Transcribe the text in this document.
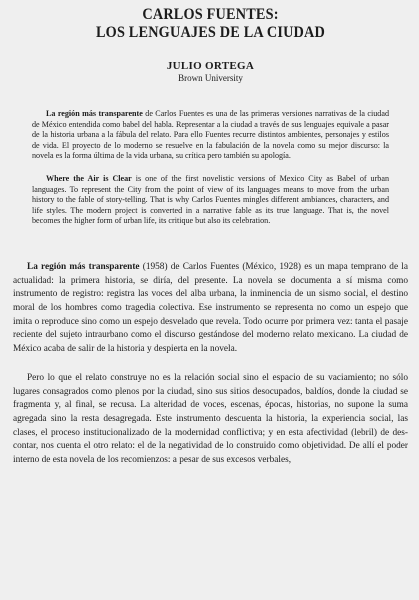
CARLOS FUENTES:
LOS LENGUAJES DE LA CIUDAD

JULIO ORTEGA

Brown University

La región más transparente de Carlos Fuentes es una de las primeras versiones narrativas de la ciudad de México entendida como babel del habla. Representar a la ciudad a través de sus lenguajes equivale a pasar de la historia urbana a la fábula del relato. Para ello Fuentes recurre distintos ambientes, personajes y estilos de vida. El proyecto de lo moderno se resuelve en la fabulación de la novela como su mejor discurso: la novela es la forma última de la vida urbana, su crítica pero también su apología.

Where the Air is Clear is one of the first novelistic versions of Mexico City as Babel of urban languages. To represent the City from the point of view of its languages means to move from the urban history to the fable of story-telling. That is why Carlos Fuentes mingles different ambiances, characters, and life styles. The modern project is converted in a narrative fable as its true language. That is, the novel becomes the higher form of urban life, its critique but also its celebration.

La región más transparente (1958) de Carlos Fuentes (México, 1928) es un mapa temprano de la actualidad: la primera historia, se diría, del presente. La novela se documenta a sí misma como instrumento de registro: registra las voces del alba urbana, la inminencia de un sismo social, el destino moral de los hombres como tragedia colectiva. Ese instrumento se representa no como un espejo que imita o reproduce sino como un espejo desvelado que revela. Todo ocurre por primera vez: tanta el pasaje reciente del sujeto intraurbano como el discurso gestándose del moderno relato mexicano. La ciudad de México acaba de salir de la historia y despierta en la novela.

Pero lo que el relato construye no es la relación social sino el espacio de su vaciamiento; no sólo lugares consagrados como plenos por la ciudad, sino sus sitios desocupados, baldíos, donde la ciudad se fragmenta y, al final, se recusa. La alteridad de voces, escenas, épocas, historias, no supone la suma agregada sino la resta desagregada. Este instrumento descuenta la historia, la experiencia social, las clases, el proceso institucionalizado de la modernidad conflictiva; y en esta afectividad (lebril) de des-contar, nos cuenta el otro relato: el de la negatividad de lo construido como objetividad. De allí el poder interno de esta novela de los recomienzos: a pesar de sus excesos verbales,
